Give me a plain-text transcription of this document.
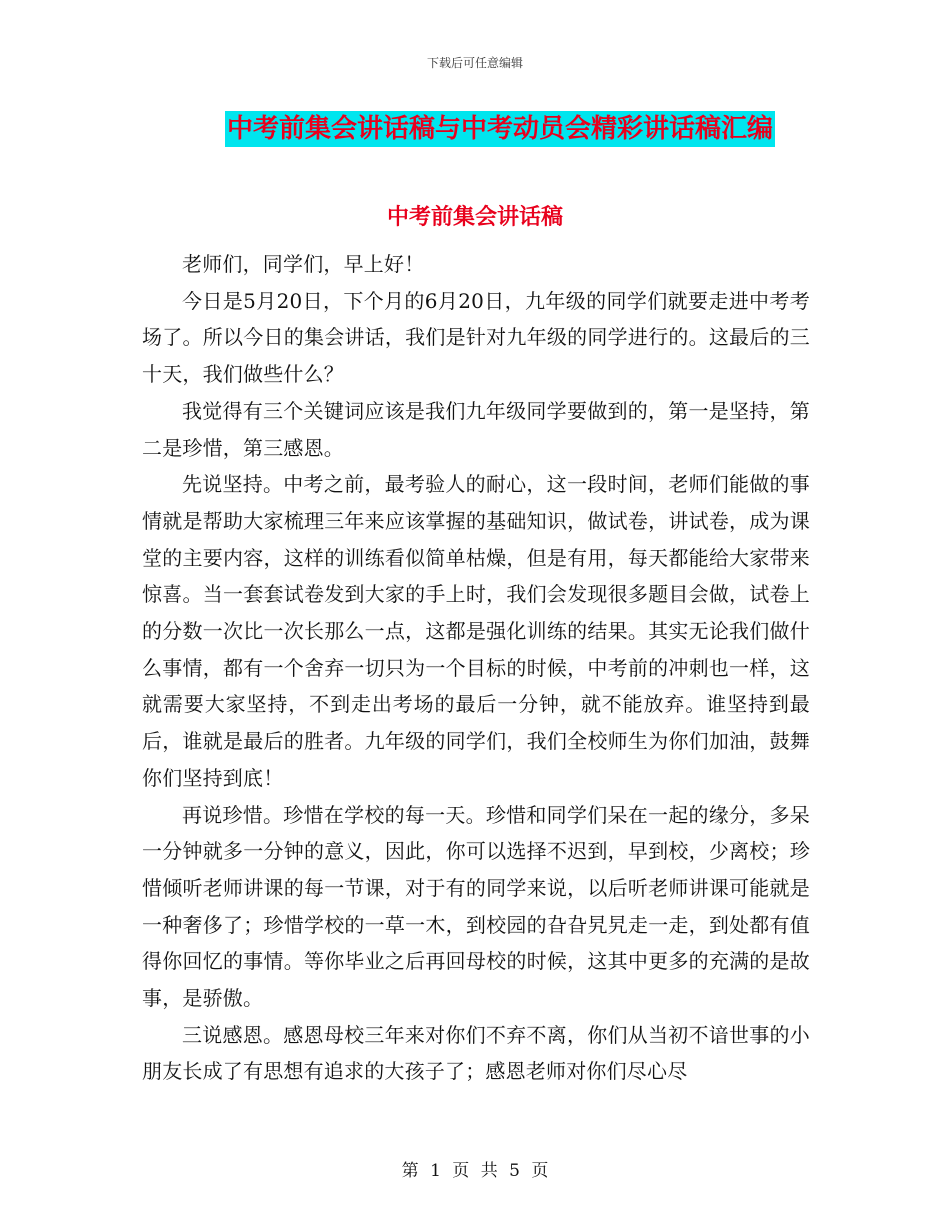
下载后可任意编辑
中考前集会讲话稿与中考动员会精彩讲话稿汇编
中考前集会讲话稿

老师们，同学们，早上好！

今日是5月20日，下个月的6月20日，九年级的同学们就要走进中考考场了。所以今日的集会讲话，我们是针对九年级的同学进行的。这最后的三十天，我们做些什么？

我觉得有三个关键词应该是我们九年级同学要做到的，第一是坚持，第二是珍惜，第三感恩。

先说坚持。中考之前，最考验人的耐心，这一段时间，老师们能做的事情就是帮助大家梳理三年来应该掌握的基础知识，做试卷，讲试卷，成为课堂的主要内容，这样的训练看似简单枯燥，但是有用，每天都能给大家带来惊喜。当一套套试卷发到大家的手上时，我们会发现很多题目会做，试卷上的分数一次比一次长那么一点，这都是强化训练的结果。其实无论我们做什么事情，都有一个舍弃一切只为一个目标的时候，中考前的冲刺也一样，这就需要大家坚持，不到走出考场的最后一分钟，就不能放弃。谁坚持到最后，谁就是最后的胜者。九年级的同学们，我们全校师生为你们加油，鼓舞你们坚持到底！

再说珍惜。珍惜在学校的每一天。珍惜和同学们呆在一起的缘分，多呆一分钟就多一分钟的意义，因此，你可以选择不迟到，早到校，少离校；珍惜倾听老师讲课的每一节课，对于有的同学来说，以后听老师讲课可能就是一种奢侈了；珍惜学校的一草一木，到校园的旮旮旯旯走一走，到处都有值得你回忆的事情。等你毕业之后再回母校的时候，这其中更多的充满的是故事，是骄傲。

三说感恩。感恩母校三年来对你们不弃不离，你们从当初不谙世事的小朋友长成了有思想有追求的大孩子了；感恩老师对你们尽心尽

第 1 页 共 5 页
